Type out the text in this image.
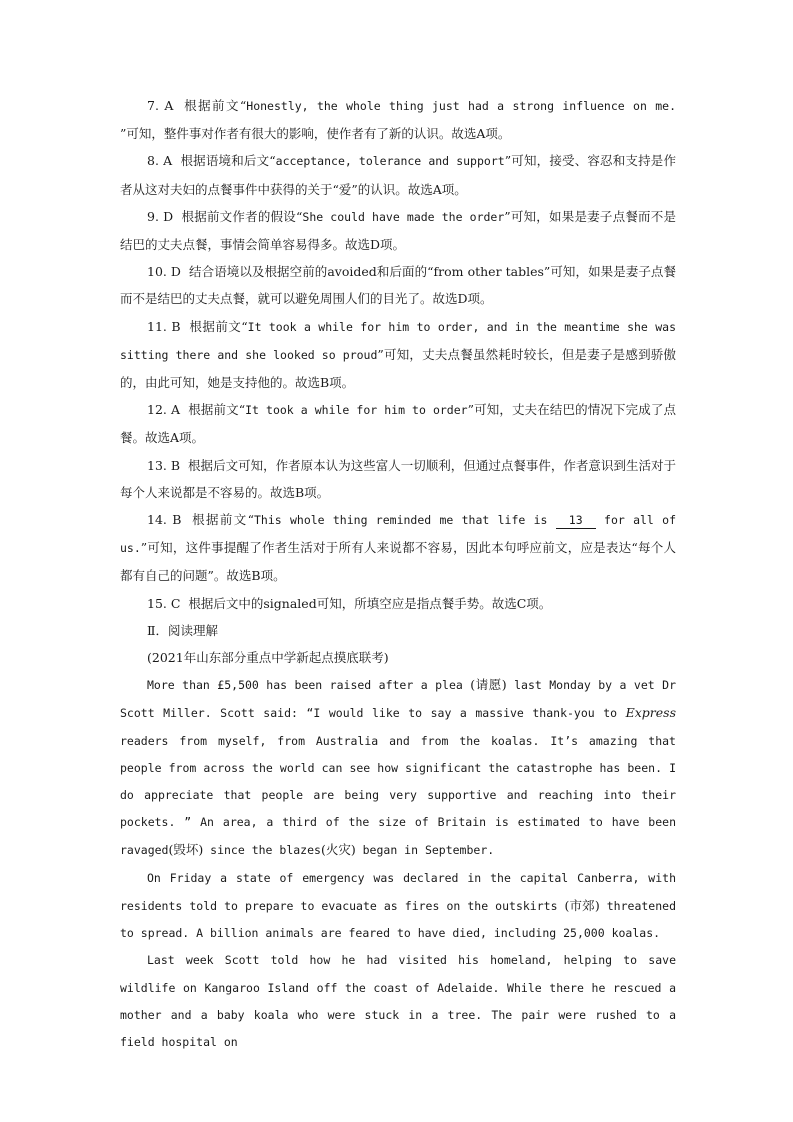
7. A 根据前文“Honestly, the whole thing just had a strong influence on me. ”可知，整件事对作者有很大的影响，使作者有了新的认识。故选A项。

8. A 根据语境和后文“acceptance, tolerance and support”可知，接受、容忍和支持是作者从这对夫妇的点餐事件中获得的关于“爱”的认识。故选A项。

9. D 根据前文作者的假设“She could have made the order”可知，如果是妻子点餐而不是结巴的丈夫点餐，事情会简单容易得多。故选D项。

10. D 结合语境以及根据空前的avoided和后面的“from other tables”可知，如果是妻子点餐而不是结巴的丈夫点餐，就可以避免周围人们的目光了。故选D项。

11. B 根据前文“It took a while for him to order, and in the meantime she was sitting there and she looked so proud”可知，丈夫点餐虽然耗时较长，但是妻子是感到骄傲的，由此可知，她是支持他的。故选B项。

12. A 根据前文“It took a while for him to order”可知，丈夫在结巴的情况下完成了点餐。故选A项。

13. B 根据后文可知，作者原本认为这些富人一切顺利，但通过点餐事件，作者意识到生活对于每个人来说都是不容易的。故选B项。

14. B 根据前文“This whole thing reminded me that life is 13 for all of us.”可知，这件事提醒了作者生活对于所有人来说都不容易，因此本句呼应前文，应是表达“每个人都有自己的问题”。故选B项。

15. C 根据后文中的signaled可知，所填空应是指点餐手势。故选C项。

Ⅱ．阅读理解

(2021年山东部分重点中学新起点摸底联考)

More than £5,500 has been raised after a plea (请愿) last Monday by a vet Dr Scott Miller. Scott said: “I would like to say a massive thank-you to Express readers from myself, from Australia and from the koalas. It’s amazing that people from across the world can see how significant the catastrophe has been. I do appreciate that people are being very supportive and reaching into their pockets. ” An area, a third of the size of Britain is estimated to have been ravaged(毁坏) since the blazes(火灾) began in September.

On Friday a state of emergency was declared in the capital Canberra, with residents told to prepare to evacuate as fires on the outskirts (市郊) threatened to spread. A billion animals are feared to have died, including 25,000 koalas.

Last week Scott told how he had visited his homeland, helping to save wildlife on Kangaroo Island off the coast of Adelaide. While there he rescued a mother and a baby koala who were stuck in a tree. The pair were rushed to a field hospital on
